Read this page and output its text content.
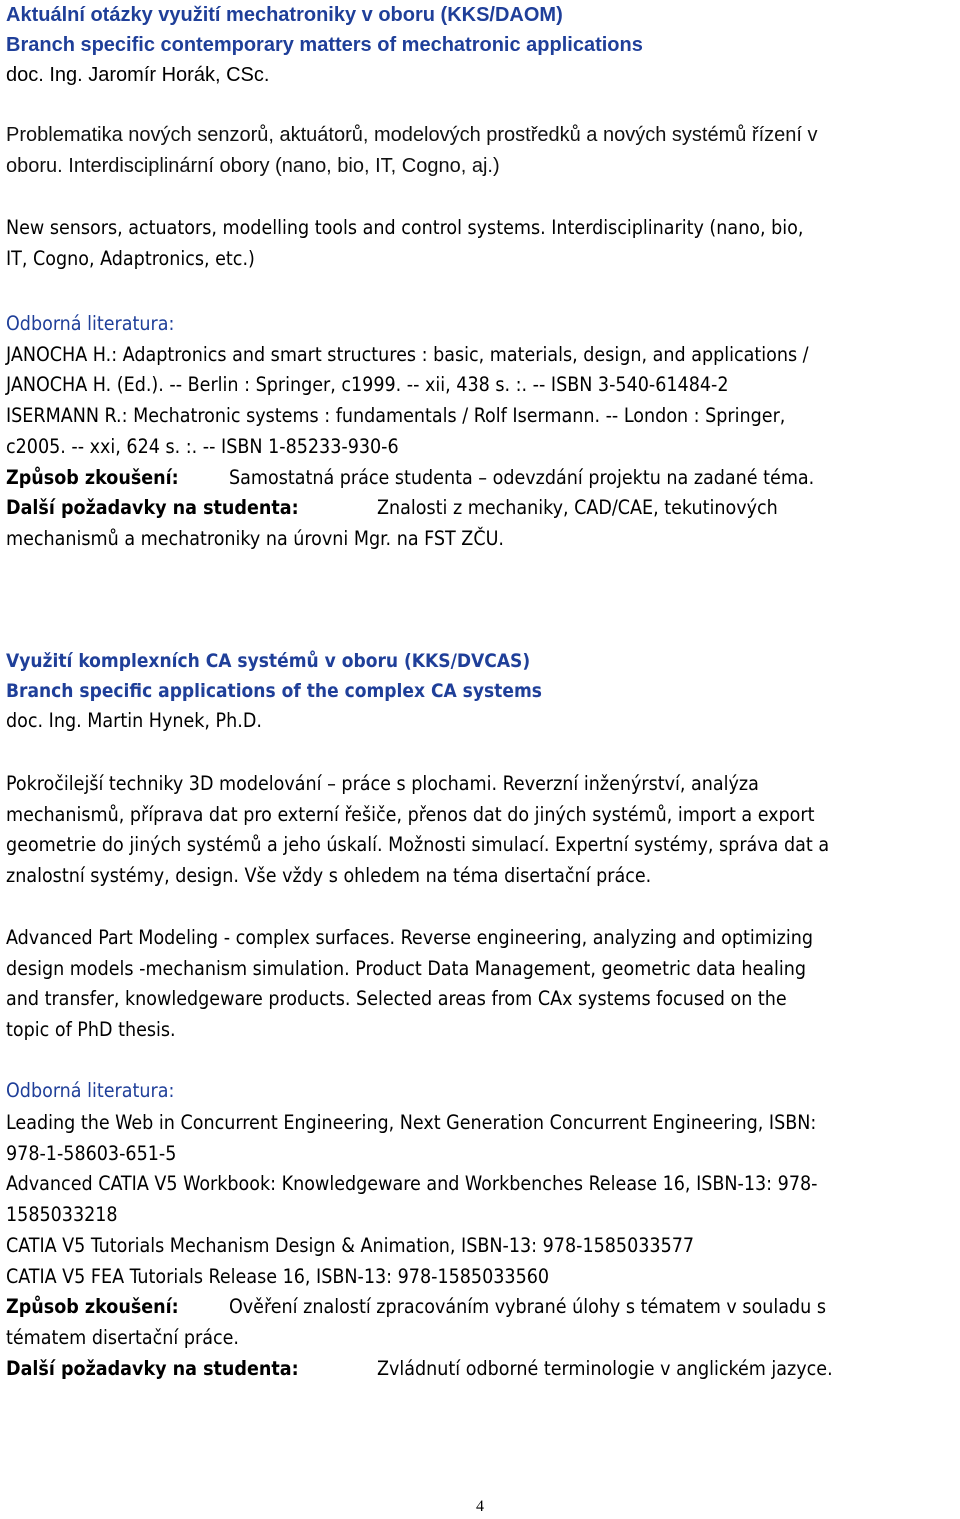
Aktuální otázky využití mechatroniky v oboru (KKS/DAOM)
Branch specific contemporary matters of mechatronic applications
doc. Ing. Jaromír Horák, CSc.
Problematika nových senzorů, aktuátorů, modelových prostředků a nových systémů řízení v
oboru. Interdisciplinární obory (nano, bio, IT, Cogno, aj.)
New sensors, actuators, modelling tools and control systems. Interdisciplinarity (nano, bio,
IT, Cogno, Adaptronics, etc.)
Odborná literatura:
JANOCHA H.: Adaptronics and smart structures : basic, materials, design, and applications /
JANOCHA H. (Ed.). -- Berlin : Springer, c1999. -- xii, 438 s. :. -- ISBN 3-540-61484-2
ISERMANN R.: Mechatronic systems : fundamentals / Rolf Isermann. -- London : Springer,
c2005. -- xxi, 624 s. :. -- ISBN 1-85233-930-6
Způsob zkoušení:	Samostatná práce studenta – odevzdání projektu na zadané téma.
Další požadavky na studenta:	Znalosti z mechaniky, CAD/CAE, tekutinových
mechanismů a mechatroniky na úrovni Mgr. na FST ZČU.
Využití komplexních CA systémů v oboru (KKS/DVCAS)
Branch specific applications of the complex CA systems
doc. Ing. Martin Hynek, Ph.D.
Pokročilejší techniky 3D modelování – práce s plochami. Reverzní inženýrství, analýza
mechanismů, příprava dat pro externí řešiče, přenos dat do jiných systémů, import a export
geometrie do jiných systémů a jeho úskalí. Možnosti simulací. Expertní systémy, správa dat a
znalostní systémy, design. Vše vždy s ohledem na téma disertační práce.
Advanced Part Modeling - complex surfaces. Reverse engineering, analyzing and optimizing
design models -mechanism simulation. Product Data Management, geometric data healing
and transfer, knowledgeware products. Selected areas from CAx systems focused on the
topic of PhD thesis.
Odborná literatura:
Leading the Web in Concurrent Engineering, Next Generation Concurrent Engineering, ISBN:
978-1-58603-651-5
Advanced CATIA V5 Workbook: Knowledgeware and Workbenches Release 16, ISBN-13: 978-
1585033218
CATIA V5 Tutorials Mechanism Design & Animation, ISBN-13: 978-1585033577
CATIA V5 FEA Tutorials Release 16, ISBN-13: 978-1585033560
Způsob zkoušení:	Ověření znalostí zpracováním vybrané úlohy s tématem v souladu s
tématem disertační práce.
Další požadavky na studenta:	Zvládnutí odborné terminologie v anglickém jazyce.
4
